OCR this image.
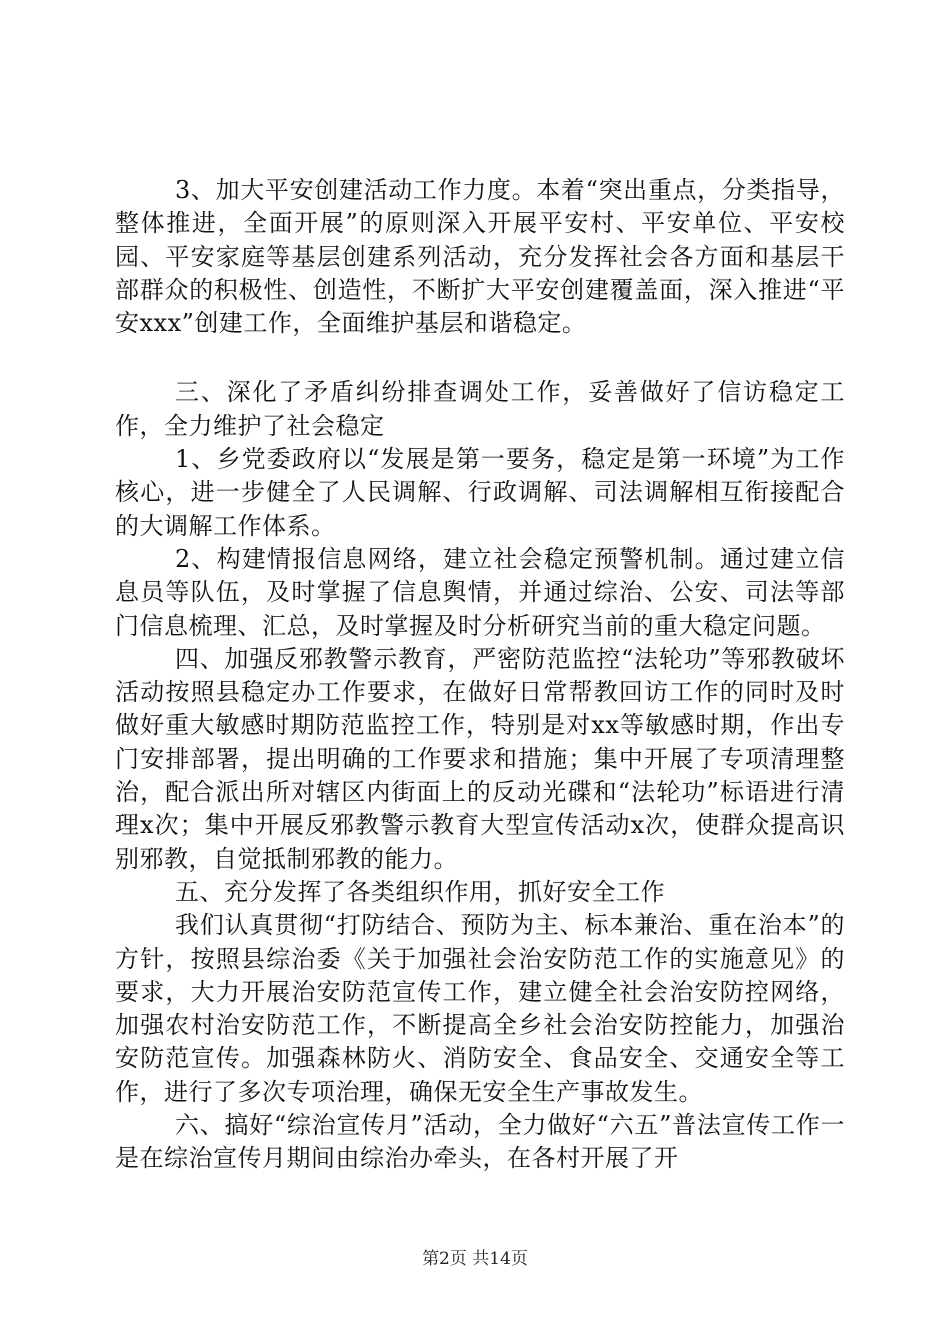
3、加大平安创建活动工作力度。本着“突出重点，分类指导，整体推进，全面开展”的原则深入开展平安村、平安单位、平安校园、平安家庭等基层创建系列活动，充分发挥社会各方面和基层干部群众的积极性、创造性，不断扩大平安创建覆盖面，深入推进“平安xxx”创建工作，全面维护基层和谐稳定。

三、深化了矛盾纠纷排查调处工作，妥善做好了信访稳定工作，全力维护了社会稳定

1、乡党委政府以“发展是第一要务，稳定是第一环境”为工作核心，进一步健全了人民调解、行政调解、司法调解相互衔接配合的大调解工作体系。

2、构建情报信息网络，建立社会稳定预警机制。通过建立信息员等队伍，及时掌握了信息舆情，并通过综治、公安、司法等部门信息梳理、汇总，及时掌握及时分析研究当前的重大稳定问题。

四、加强反邪教警示教育，严密防范监控“法轮功”等邪教破坏活动按照县稳定办工作要求，在做好日常帮教回访工作的同时及时做好重大敏感时期防范监控工作，特别是对xx等敏感时期，作出专门安排部署，提出明确的工作要求和措施；集中开展了专项清理整治，配合派出所对辖区内街面上的反动光碟和“法轮功”标语进行清理x次；集中开展反邪教警示教育大型宣传活动x次，使群众提高识别邪教，自觉抵制邪教的能力。

五、充分发挥了各类组织作用，抓好安全工作

我们认真贯彻“打防结合、预防为主、标本兼治、重在治本”的方针，按照县综治委《关于加强社会治安防范工作的实施意见》的要求，大力开展治安防范宣传工作，建立健全社会治安防控网络，加强农村治安防范工作，不断提高全乡社会治安防控能力，加强治安防范宣传。加强森林防火、消防安全、食品安全、交通安全等工作，进行了多次专项治理，确保无安全生产事故发生。

六、搞好“综治宣传月”活动，全力做好“六五”普法宣传工作一是在综治宣传月期间由综治办牵头，在各村开展了开

第2页 共14页
